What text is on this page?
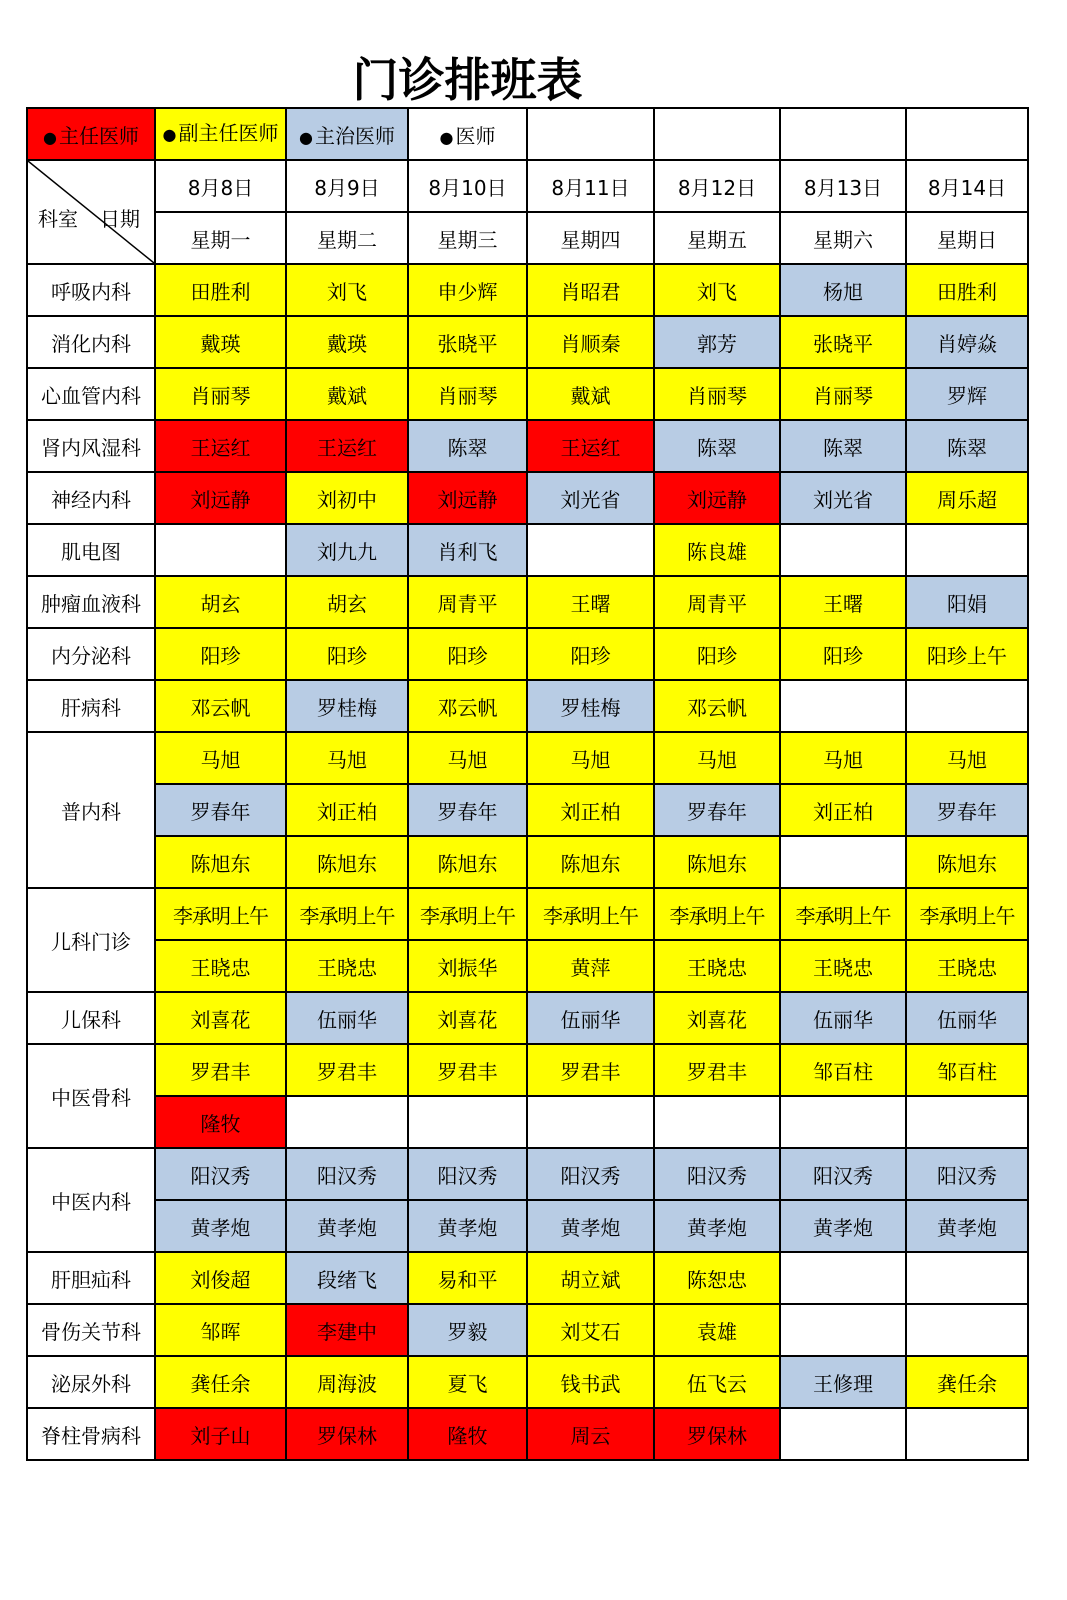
门诊排班表
● 主任医师	● 副主任医师	● 主治医师	● 医师				

科室 日期	8月8日	8月9日	8月10日	8月11日	8月12日	8月13日	8月14日
	星期一	星期二	星期三	星期四	星期五	星期六	星期日
呼吸内科	田胜利	刘飞	申少辉	肖昭君	刘飞	杨旭	田胜利
消化内科	戴瑛	戴瑛	张晓平	肖顺秦	郭芳	张晓平	肖婷焱
心血管内科	肖丽琴	戴斌	肖丽琴	戴斌	肖丽琴	肖丽琴	罗辉
肾内风湿科	王运红	王运红	陈翠	王运红	陈翠	陈翠	陈翠
神经内科	刘远静	刘初中	刘远静	刘光省	刘远静	刘光省	周乐超
肌电图		刘九九	肖利飞		陈良雄		
肿瘤血液科	胡玄	胡玄	周青平	王曙	周青平	王曙	阳娟
内分泌科	阳珍	阳珍	阳珍	阳珍	阳珍	阳珍	阳珍上午
肝病科	邓云帆	罗桂梅	邓云帆	罗桂梅	邓云帆		
普内科	马旭	马旭	马旭	马旭	马旭	马旭	马旭
	罗春年	刘正柏	罗春年	刘正柏	罗春年	刘正柏	罗春年
	陈旭东	陈旭东	陈旭东	陈旭东	陈旭东		陈旭东
儿科门诊	李承明上午	李承明上午	李承明上午	李承明上午	李承明上午	李承明上午	李承明上午
	王晓忠	王晓忠	刘振华	黄萍	王晓忠	王晓忠	王晓忠
儿保科	刘喜花	伍丽华	刘喜花	伍丽华	刘喜花	伍丽华	伍丽华
中医骨科	罗君丰	罗君丰	罗君丰	罗君丰	罗君丰	邹百柱	邹百柱
	隆牧						
中医内科	阳汉秀	阳汉秀	阳汉秀	阳汉秀	阳汉秀	阳汉秀	阳汉秀
	黄孝炮	黄孝炮	黄孝炮	黄孝炮	黄孝炮	黄孝炮	黄孝炮
肝胆疝科	刘俊超	段绪飞	易和平	胡立斌	陈恕忠		
骨伤关节科	邹晖	李建中	罗毅	刘艾石	袁雄		
泌尿外科	龚任余	周海波	夏飞	钱书武	伍飞云	王修理	龚任余
脊柱骨病科	刘子山	罗保林	隆牧	周云	罗保林		
